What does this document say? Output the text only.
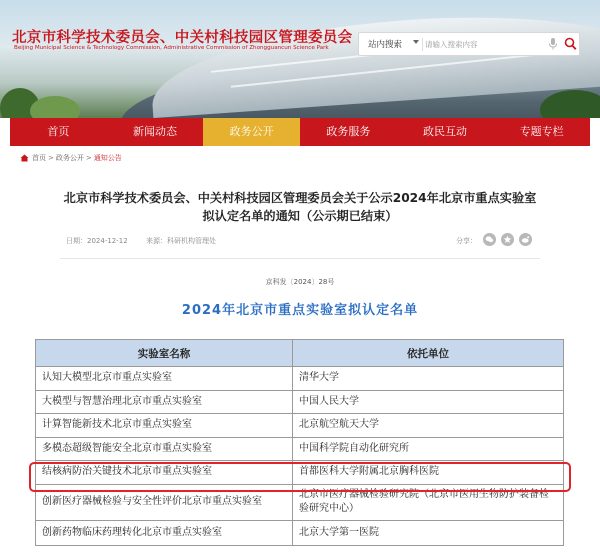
北京市科学技术委员会、中关村科技园区管理委员会
Beijing Municipal Science & Technology Commission, Administrative Commission of Zhongguancun Science Park	站内搜索
请输入搜索内容
首页	新闻动态	政务公开	政务服务	政民互动	专题专栏
首页 > 政务公开 > 通知公告
北京市科学技术委员会、中关村科技园区管理委员会关于公示2024年北京市重点实验室拟认定名单的通知（公示期已结束）
日期：2024-12-12	来源：科研机构管理处	分享：
京科发〔2024〕28号
2024年北京市重点实验室拟认定名单
实验室名称	依托单位
认知大模型北京市重点实验室	清华大学
大模型与智慧治理北京市重点实验室	中国人民大学
计算智能新技术北京市重点实验室	北京航空航天大学
多模态超级智能安全北京市重点实验室	中国科学院自动化研究所
结核病防治关键技术北京市重点实验室	首都医科大学附属北京胸科医院
创新医疗器械检验与安全性评价北京市重点实验室	北京市医疗器械检验研究院（北京市医用生物防护装备检验研究中心）
创新药物临床药理转化北京市重点实验室	北京大学第一医院
